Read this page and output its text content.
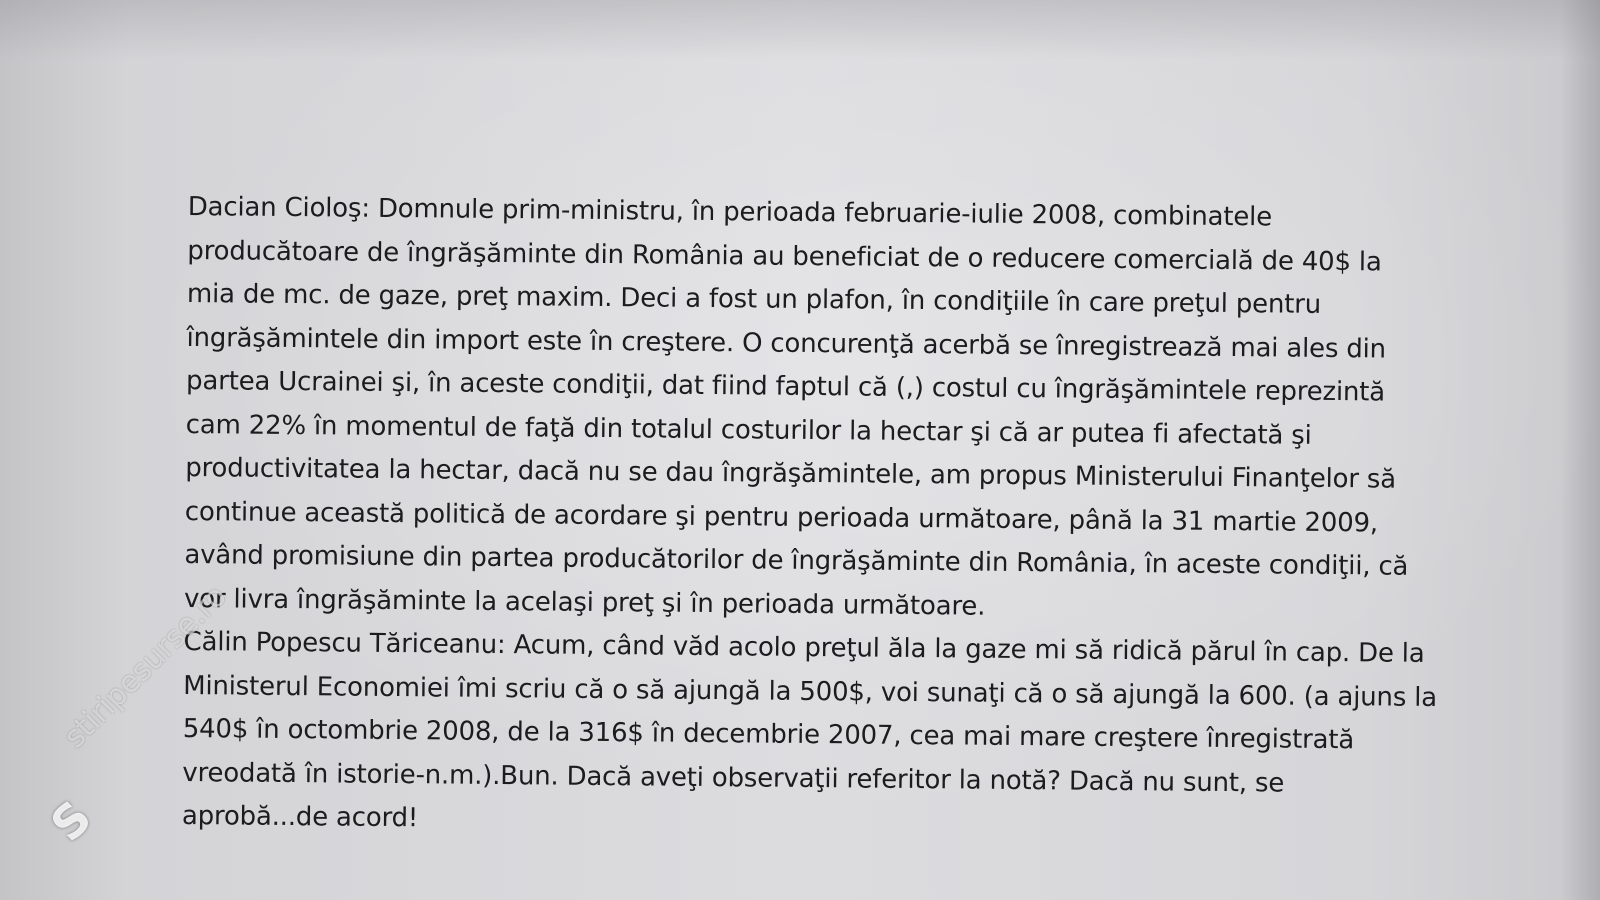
Dacian Cioloş: Domnule prim-ministru, în perioada februarie-iulie 2008, combinatele
producătoare de îngrăşăminte din România au beneficiat de o reducere comercială de 40$ la
mia de mc. de gaze, preţ maxim. Deci a fost un plafon, în condiţiile în care preţul pentru
îngrăşămintele din import este în creştere. O concurenţă acerbă se înregistrează mai ales din
partea Ucrainei şi, în aceste condiţii, dat fiind faptul că (,) costul cu îngrăşămintele reprezintă
cam 22% în momentul de faţă din totalul costurilor la hectar şi că ar putea fi afectată şi
productivitatea la hectar, dacă nu se dau îngrăşămintele, am propus Ministerului Finanţelor să
continue această politică de acordare şi pentru perioada următoare, până la 31 martie 2009,
având promisiune din partea producătorilor de îngrăşăminte din România, în aceste condiţii, că
vor livra îngrăşăminte la acelaşi preţ şi în perioada următoare.
Călin Popescu Tăriceanu: Acum, când văd acolo preţul ăla la gaze mi să ridică părul în cap. De la
Ministerul Economiei îmi scriu că o să ajungă la 500$, voi sunaţi că o să ajungă la 600. (a ajuns la
540$ în octombrie 2008, de la 316$ în decembrie 2007, cea mai mare creştere înregistrată
vreodată în istorie-n.m.).Bun. Dacă aveţi observaţii referitor la notă? Dacă nu sunt, se
aprobă...de acord!
S
stiripesurse.ro
